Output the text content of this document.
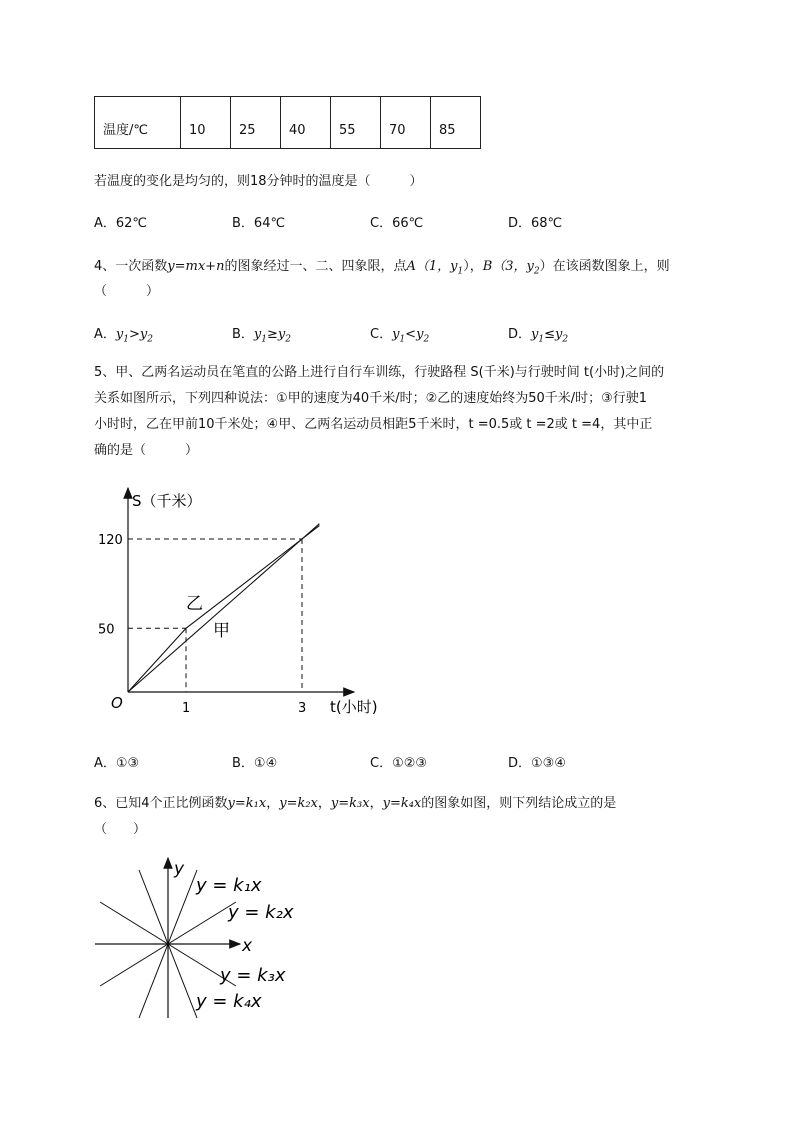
温度/℃	10	25	40	55	70	85
若温度的变化是均匀的，则18分钟时的温度是（　　　）
A．62℃	B．64℃	C．66℃	D．68℃
4、一次函数y=mx+n的图象经过一、二、四象限，点A（1，$y_1$），B（3，$y_2$）在该函数图象上，则
（　　　）
A．$y_1>y_2$	B．$y_1\ge y_2$	C．$y_1<y_2$	D．$y_1\le y_2$
5、甲、乙两名运动员在笔直的公路上进行自行车训练，行驶路程 S(千米)与行驶时间 t(小时)之间的
关系如图所示，下列四种说法：①甲的速度为40千米/时；②乙的速度始终为50千米/时；③行驶1
小时时，乙在甲前10千米处；④甲、乙两名运动员相距5千米时，t =0.5或 t =2或 t =4，其中正
确的是（　　　）
1	3
50
120
S（千米）
t(小时)
O
乙
甲
A．①③	B．①④	C．①②③	D．①③④
6、已知4个正比例函数y=k₁x，y=k₂x，y=k₃x，y=k₄x的图象如图，则下列结论成立的是
（　　）
y
x
y = k₁x
y = k₂x
y = k₃x
y = k₄x
